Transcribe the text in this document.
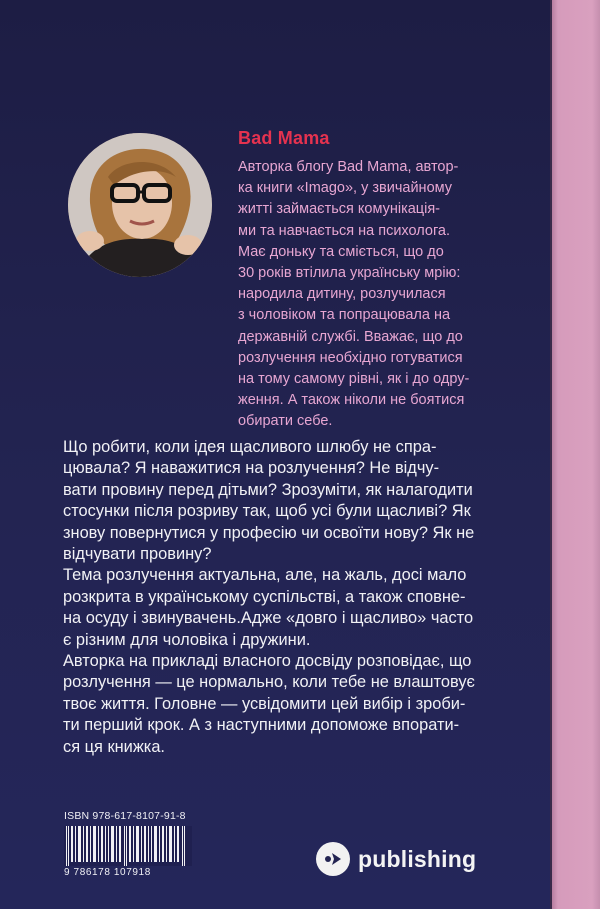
Bad Mama
Авторка блогу Bad Mama, автор-
ка книги «Imago», у звичайному
житті займається комунікація-
ми та навчається на психолога.
Має доньку та сміється, що до
30 років втілила українську мрію:
народила дитину, розлучилася
з чоловіком та попрацювала на
державній службі. Вважає, що до
розлучення необхідно готуватися
на тому самому рівні, як і до одру-
ження. А також ніколи не боятися
обирати себе.
Що робити, коли ідея щасливого шлюбу не спра-
цювала? Я наважитися на розлучення? Не відчу-
вати провину перед дітьми? Зрозуміти, як налагодити
стосунки після розриву так, щоб усі були щасливі? Як
знову повернутися у професію чи освоїти нову? Як не
відчувати провину?
Тема розлучення актуальна, але, на жаль, досі мало
розкрита в українському суспільстві, а також сповне-
на осуду і звинувачень.Адже «довго і щасливо» часто
є різним для чоловіка і дружини.
Авторка на прикладі власного досвіду розповідає, що
розлучення — це нормально, коли тебе не влаштовує
твоє життя. Головне — усвідомити цей вибір і зроби-
ти перший крок. А з наступними допоможе впорати-
ся ця книжка.
ISBN 978-617-8107-91-8
9 786178 107918
publishing
